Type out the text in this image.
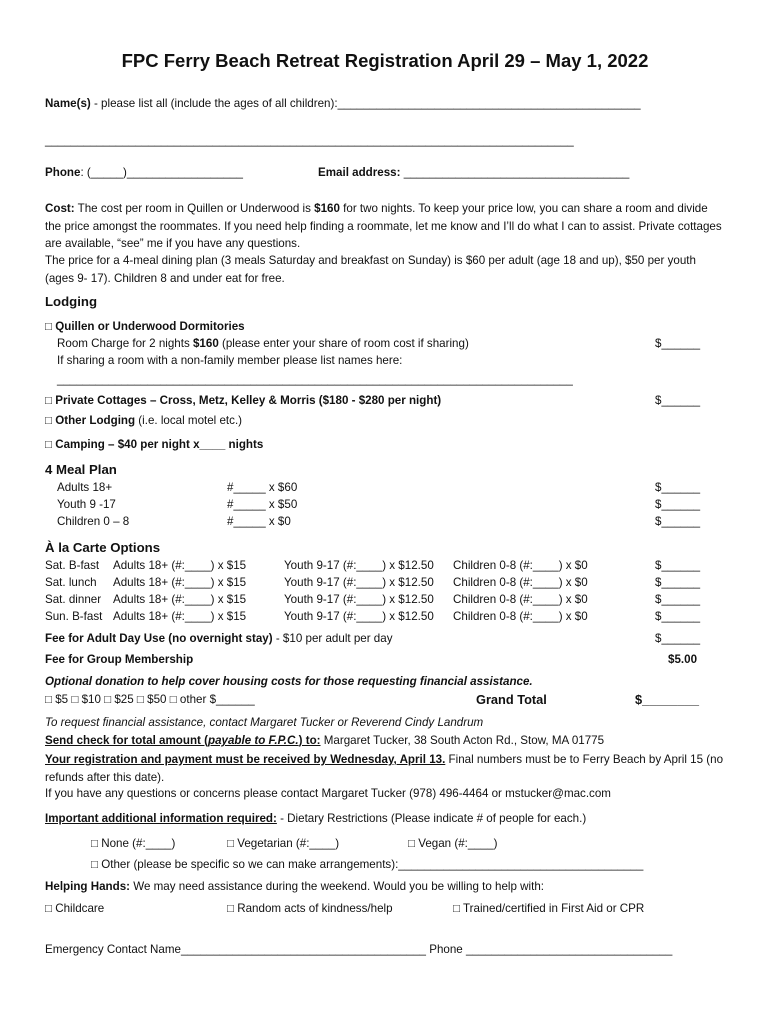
FPC Ferry Beach Retreat Registration April 29 – May 1, 2022
Name(s) - please list all (include the ages of all children):_______________________________________________
__________________________________________________________________________________
Phone: (_____)__________________	Email address: ___________________________________
Cost: The cost per room in Quillen or Underwood is $160 for two nights. To keep your price low, you can share a room and divide the price amongst the roommates. If you need help finding a roommate, let me know and I’ll do what I can to assist. Private cottages are available, “see” me if you have any questions.
The price for a 4-meal dining plan (3 meals Saturday and breakfast on Sunday) is $60 per adult (age 18 and up), $50 per youth (ages 9- 17). Children 8 and under eat for free.
Lodging
□ Quillen or Underwood Dormitories
Room Charge for 2 nights $160 (please enter your share of room cost if sharing)	$______
If sharing a room with a non-family member please list names here:
________________________________________________________________________________
□ Private Cottages – Cross, Metz, Kelley & Morris ($180 - $280 per night)	$______
□ Other Lodging (i.e. local motel etc.)
□ Camping – $40 per night x____ nights
4 Meal Plan
Adults 18+	#_____ x $60	$______
Youth 9 -17	#_____ x $50	$______
Children 0 – 8	#_____ x $0	$______
À la Carte Options
Sat. B-fast Adults 18+ (#:____) x $15	Youth 9-17 (#:____) x $12.50 Children 0-8 (#:____) x $0	$______
Sat. lunch Adults 18+ (#:____) x $15	Youth 9-17 (#:____) x $12.50 Children 0-8 (#:____) x $0	$______
Sat. dinner Adults 18+ (#:____) x $15	Youth 9-17 (#:____) x $12.50 Children 0-8 (#:____) x $0	$______
Sun. B-fast Adults 18+ (#:____) x $15	Youth 9-17 (#:____) x $12.50 Children 0-8 (#:____) x $0	$______
Fee for Adult Day Use (no overnight stay) - $10 per adult per day	$______
Fee for Group Membership	$5.00
Optional donation to help cover housing costs for those requesting financial assistance.
□ $5 □ $10 □ $25 □ $50 □ other $______	Grand Total	$________
To request financial assistance, contact Margaret Tucker or Reverend Cindy Landrum
Send check for total amount (payable to F.P.C.) to: Margaret Tucker, 38 South Acton Rd., Stow, MA 01775
Your registration and payment must be received by Wednesday, April 13. Final numbers must be to Ferry Beach by April 15 (no refunds after this date).
If you have any questions or concerns please contact Margaret Tucker (978) 496-4464 or mstucker@mac.com
Important additional information required: - Dietary Restrictions (Please indicate # of people for each.)
□ None (#:____)	□ Vegetarian (#:____)	□ Vegan (#:____)
□ Other (please be specific so we can make arrangements):______________________________________
Helping Hands: We may need assistance during the weekend. Would you be willing to help with:
□ Childcare	□ Random acts of kindness/help	□ Trained/certified in First Aid or CPR
Emergency Contact Name______________________________________ Phone ________________________________
